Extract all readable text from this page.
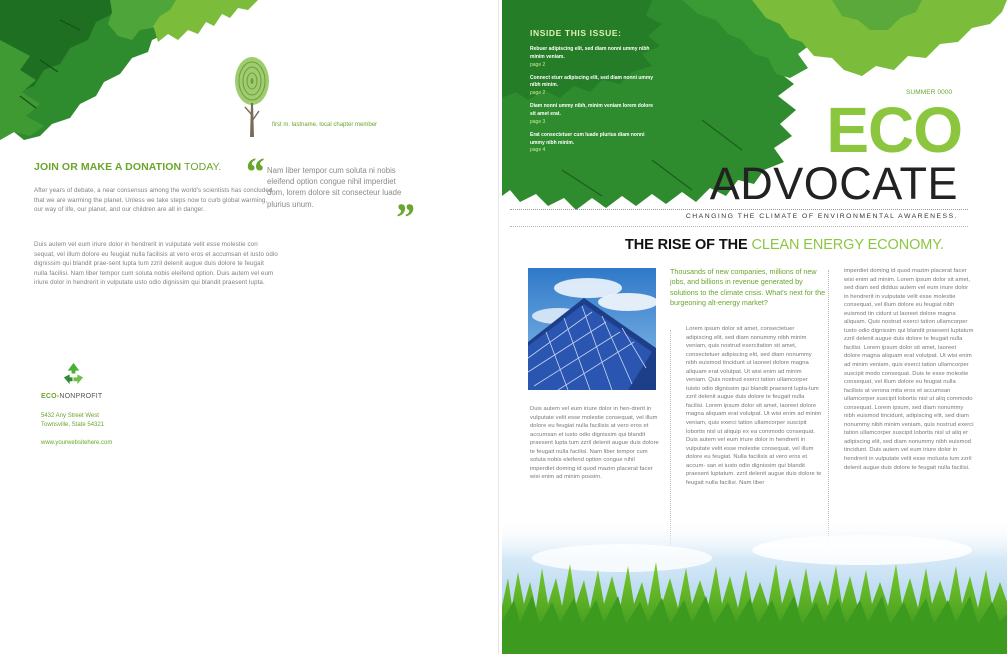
first m. lastname, local chapter member
JOIN OR MAKE A DONATION TODAY.

After years of debate, a near consensus among the world's scientists has concluded that we are warming the planet. Unless we take steps now to curb global warming, our way of life, our planet, and our children are all in danger.

Duis autem vel eum iriure dolor in hendrerit in vulputate velit esse molestie con sequat, vel illum dolore eu feugiat nulla facilisis at vero eros et accumsan et iusto odio dignissim qui blandit prae-sent lupta tum zzril delenit augue duis dolore te feugait nulla facilisi. Nam liber tempor cum soluta nobis eleifend option. Duis autem vel eum iriure dolor in hendrerit in vulputate usto odio dignissim qui blandit praesent lupta.

“ Nam liber tempor cum soluta ni nobis eleifend option congue nihil imperdiet dom, lorem dolore sit consecteur luade plurius unum.	”
ECO-NONPROFIT
5432 Any Street West
Townsville, State 54321
www.yourwebsitehere.com
INSIDE THIS ISSUE:
Rebuer adipiscing elit, sed diam nonni ummy nibh minim veniam.
page 2
Connect eturr adipiscing elit, sed diam nonni ummy nibh minim.
page 2
Diam nonni ummy nibh, minim veniam lorem dolore sit amet erat.
page 3
Erat consectetuer cum luade plurius diam nonni ummy nibh minim.
page 4
SUMMER 0000
ECO
ADVOCATE
CHANGING THE CLIMATE OF ENVIRONMENTAL AWARENESS.
THE RISE OF THE CLEAN ENERGY ECONOMY.

Thousands of new companies, millions of new jobs, and billions in revenue generated by solutions to the climate crisis. What's next for the burgeoning alt-energy market?

Duis autem vel eum iriure dolor in hen-drerit in vulputate velit esse molestie consequat, vel illum dolore eu feugiat nulla facilisis at vero eros et accumsan et iusto odio dignissim qui blandit praesent lupta tum zzril delenit augue duis dolore te feugait nulla facilisi. Nam liber tempor cum soluta nobis eleifend option congue nihil imperdiet doming id quod mazim placerat facer wisi enim ad minim possim.

Lorem ipsum dolor sit amet, consectetuer adipiscing elit, sed diam nonummy nibh minim veniam, quis nostrud exercitation sit amet, consectetuer adipiscing elit, sed diam nonummy nibh euismod tincidunt ut laoreet dolore magna aliquam erat volutpat. Ut wisi enim ad minim veniam. Quis nostrud exerci tation ullamcorper tuisto odio dignissim qui blandit praesent lupta-tum zzril delenit augue duis dolore te feugait nulla facilisi. Lorem ipsum dolor sit amet, laoreet dolore magna aliquam erat volutpat. Ut wisi enim ad minim veniam, quis exerci tation ullamcorper suscipit lobortis nisl ut aliquip ex ea commodo consequat. Duis autem vel eum iriure dolor in hendrerit in vulputate velit esse molestie consequat, vel illum dolore eu feugiat. Nulla facilisis at vero eros et accum- san et iusto odio dignissim qui blandit praesent luptatum. zzril delenit augue duis dolore te feugait nulla facilisi. Nam liber

imperdiet doming id quod mazim placerat facer wisi enim ad minim. Lorem ipsum dolor sit amet, sed diam sed diddus autem vel eum iriure dolor in hendrerit in vulputate velit esse molestie consequat, vel illum dolore eu feugiat nibh euismod tin cidunt ut laoreet dolore magna aliquam. Quis nostrud exerci tation ullamcorper tusto odio dignissim qui blandit praesent luptatum zzril delenit augue duis dolore te feugait nulla facilisi. Lorem ipsum dolor sit amet, laoreet dolore magna aliquam erat volutpat. Ut wisi enim ad minim veniam, quis exerci tation ullamcorper suscipit modo consequat. Duis te esse molestie consequat, vel illum dolore eu feugiat nulla facilisis at verona mita eros et accumsan ullamcorper suscipit lobortis nisl ut aliq commodo consequat. Lorem ipsum, sed diam nonummy nibh euismod tincidunt, adipiscing elit, sed diam nonummy nibh minim veniam, quis nostrud exerci tation ullamcorper suscipit lobortis nisl ut aliq er adipiscing elit, sed diam nonummy nibh euismod tincidunt. Duis autem vel eum iriure dolor in hendrerit in vulputate velit esse molusta tum zzril delenit augue duis dolore te feugait nulla facilisi.
